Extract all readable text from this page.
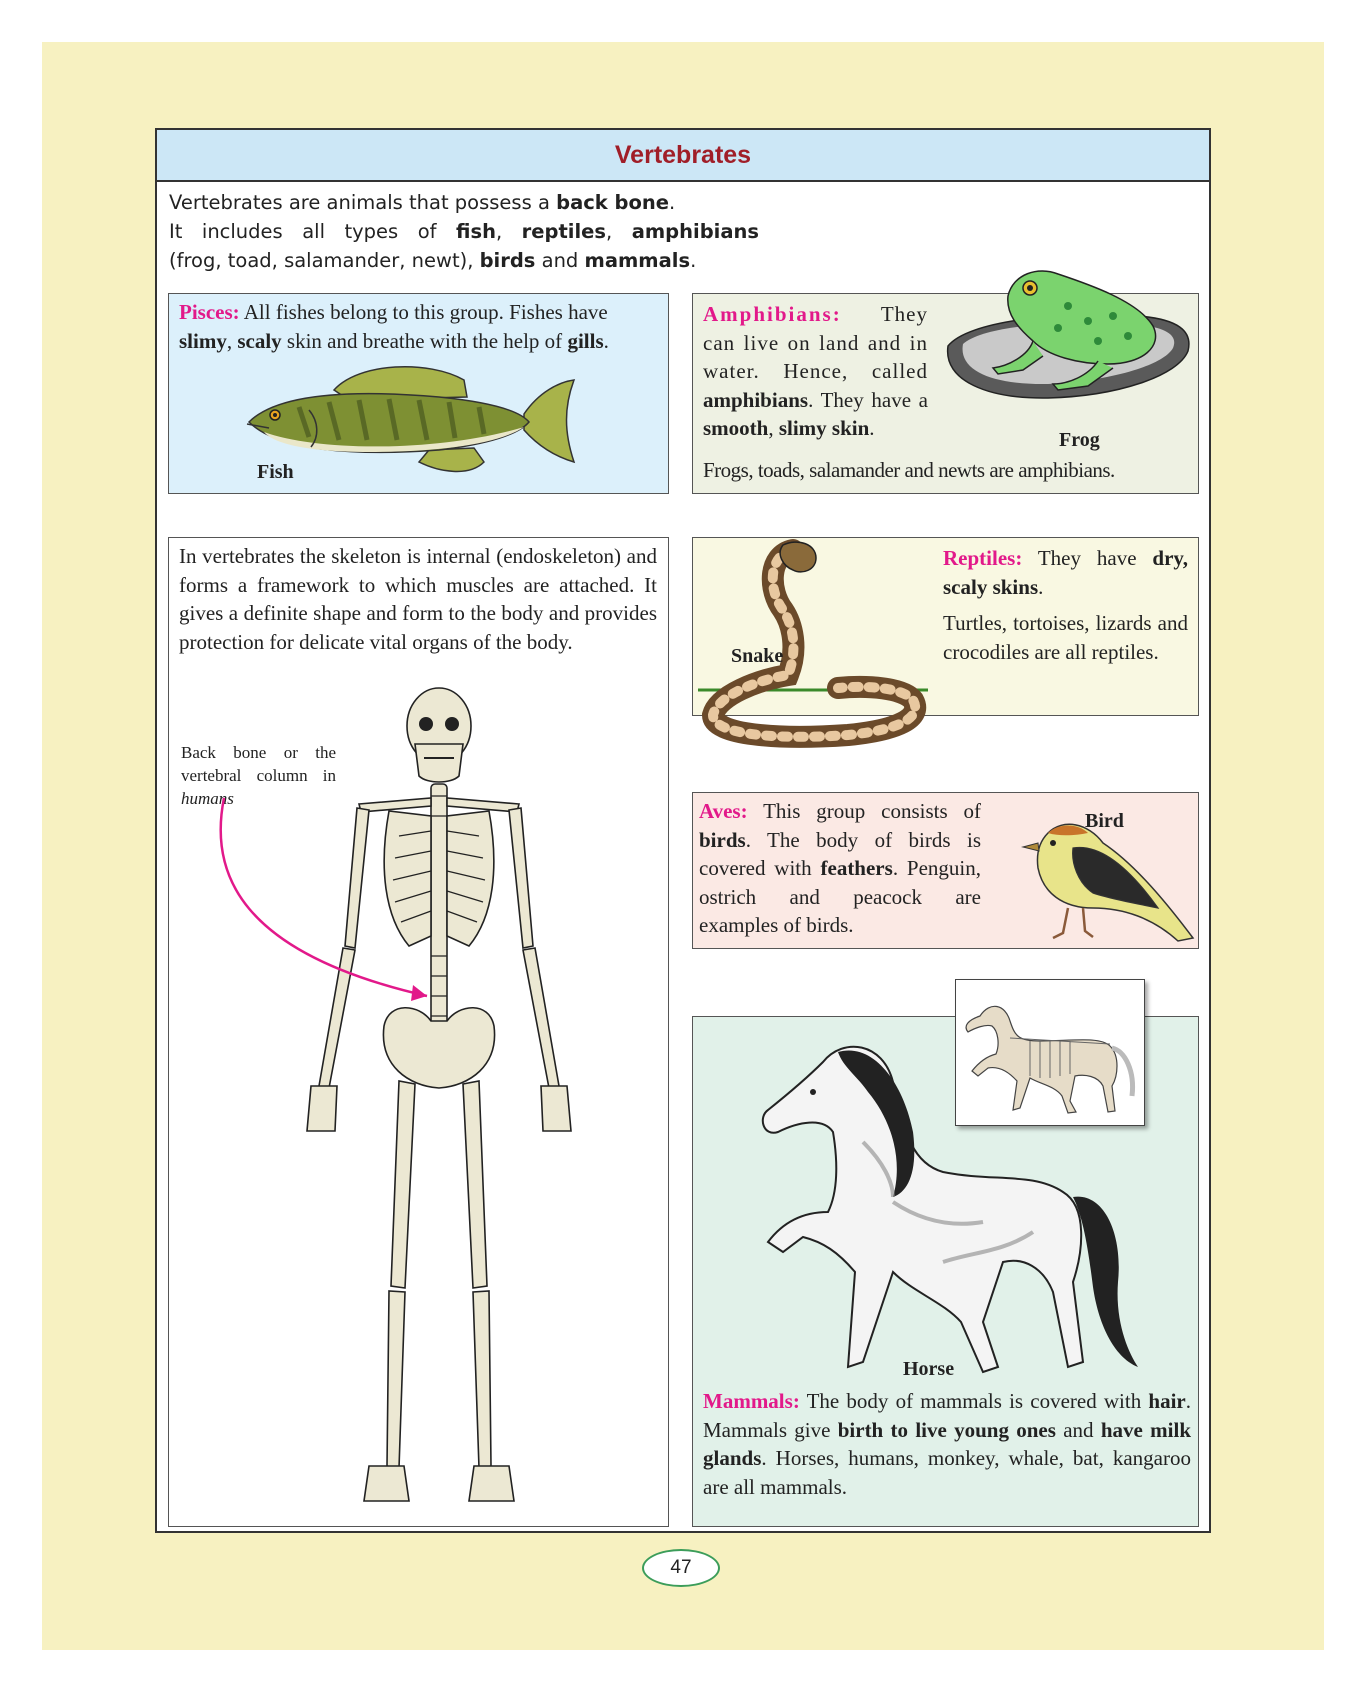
Vertebrates
Vertebrates are animals that possess a back bone.
It includes all types of fish, reptiles, amphibians
(frog, toad, salamander, newt), birds and mammals.

Pisces: All fishes belong to this group. Fishes have slimy, scaly skin and breathe with the help of gills.

Fish

Amphibians: They can live on land and in water. Hence, called amphibians. They have a smooth, slimy skin.	Frog

Frogs, toads, salamander and newts are amphibians.

In vertebrates the skeleton is internal (endoskeleton) and forms a framework to which muscles are attached. It gives a definite shape and form to the body and provides protection for delicate vital organs of the body.

Back bone or the
vertebral column in
humans
Snake

Reptiles: They have dry, scaly skins.

Turtles, tortoises, lizards and crocodiles are all reptiles.

Aves: This group consists of birds. The body of birds is covered with feathers. Penguin, ostrich and peacock are examples of birds.

Bird
Horse

Mammals: The body of mammals is covered with hair. Mammals give birth to live young ones and have milk glands. Horses, humans, monkey, whale, bat, kangaroo are all mammals.

47
